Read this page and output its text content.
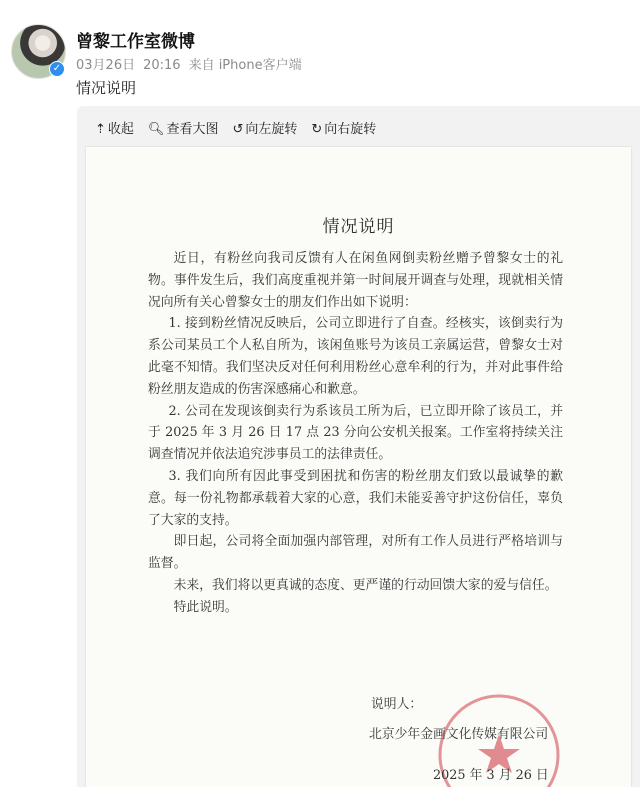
✓
曾黎工作室微博
03月26日 20:16 来自 iPhone客户端
情况说明
⇡ 收起 🔍︎ 查看大图 ↺ 向左旋转 ↻ 向右旋转
情况说明

近日，有粉丝向我司反馈有人在闲鱼网倒卖粉丝赠予曾黎女士的礼物。事件发生后，我们高度重视并第一时间展开调查与处理，现就相关情况向所有关心曾黎女士的朋友们作出如下说明：

1. 接到粉丝情况反映后，公司立即进行了自查。经核实，该倒卖行为系公司某员工个人私自所为，该闲鱼账号为该员工亲属运营，曾黎女士对此毫不知情。我们坚决反对任何利用粉丝心意牟利的行为，并对此事件给粉丝朋友造成的伤害深感痛心和歉意。

2. 公司在发现该倒卖行为系该员工所为后，已立即开除了该员工，并于 2025 年 3 月 26 日 17 点 23 分向公安机关报案。工作室将持续关注调查情况并依法追究涉事员工的法律责任。

3. 我们向所有因此事受到困扰和伤害的粉丝朋友们致以最诚挚的歉意。每一份礼物都承载着大家的心意，我们未能妥善守护这份信任，辜负了大家的支持。

即日起，公司将全面加强内部管理，对所有工作人员进行严格培训与监督。

未来，我们将以更真诚的态度、更严谨的行动回馈大家的爱与信任。

特此说明。

说明人：
北京少年金画文化传媒有限公司
2025 年 3 月 26 日
